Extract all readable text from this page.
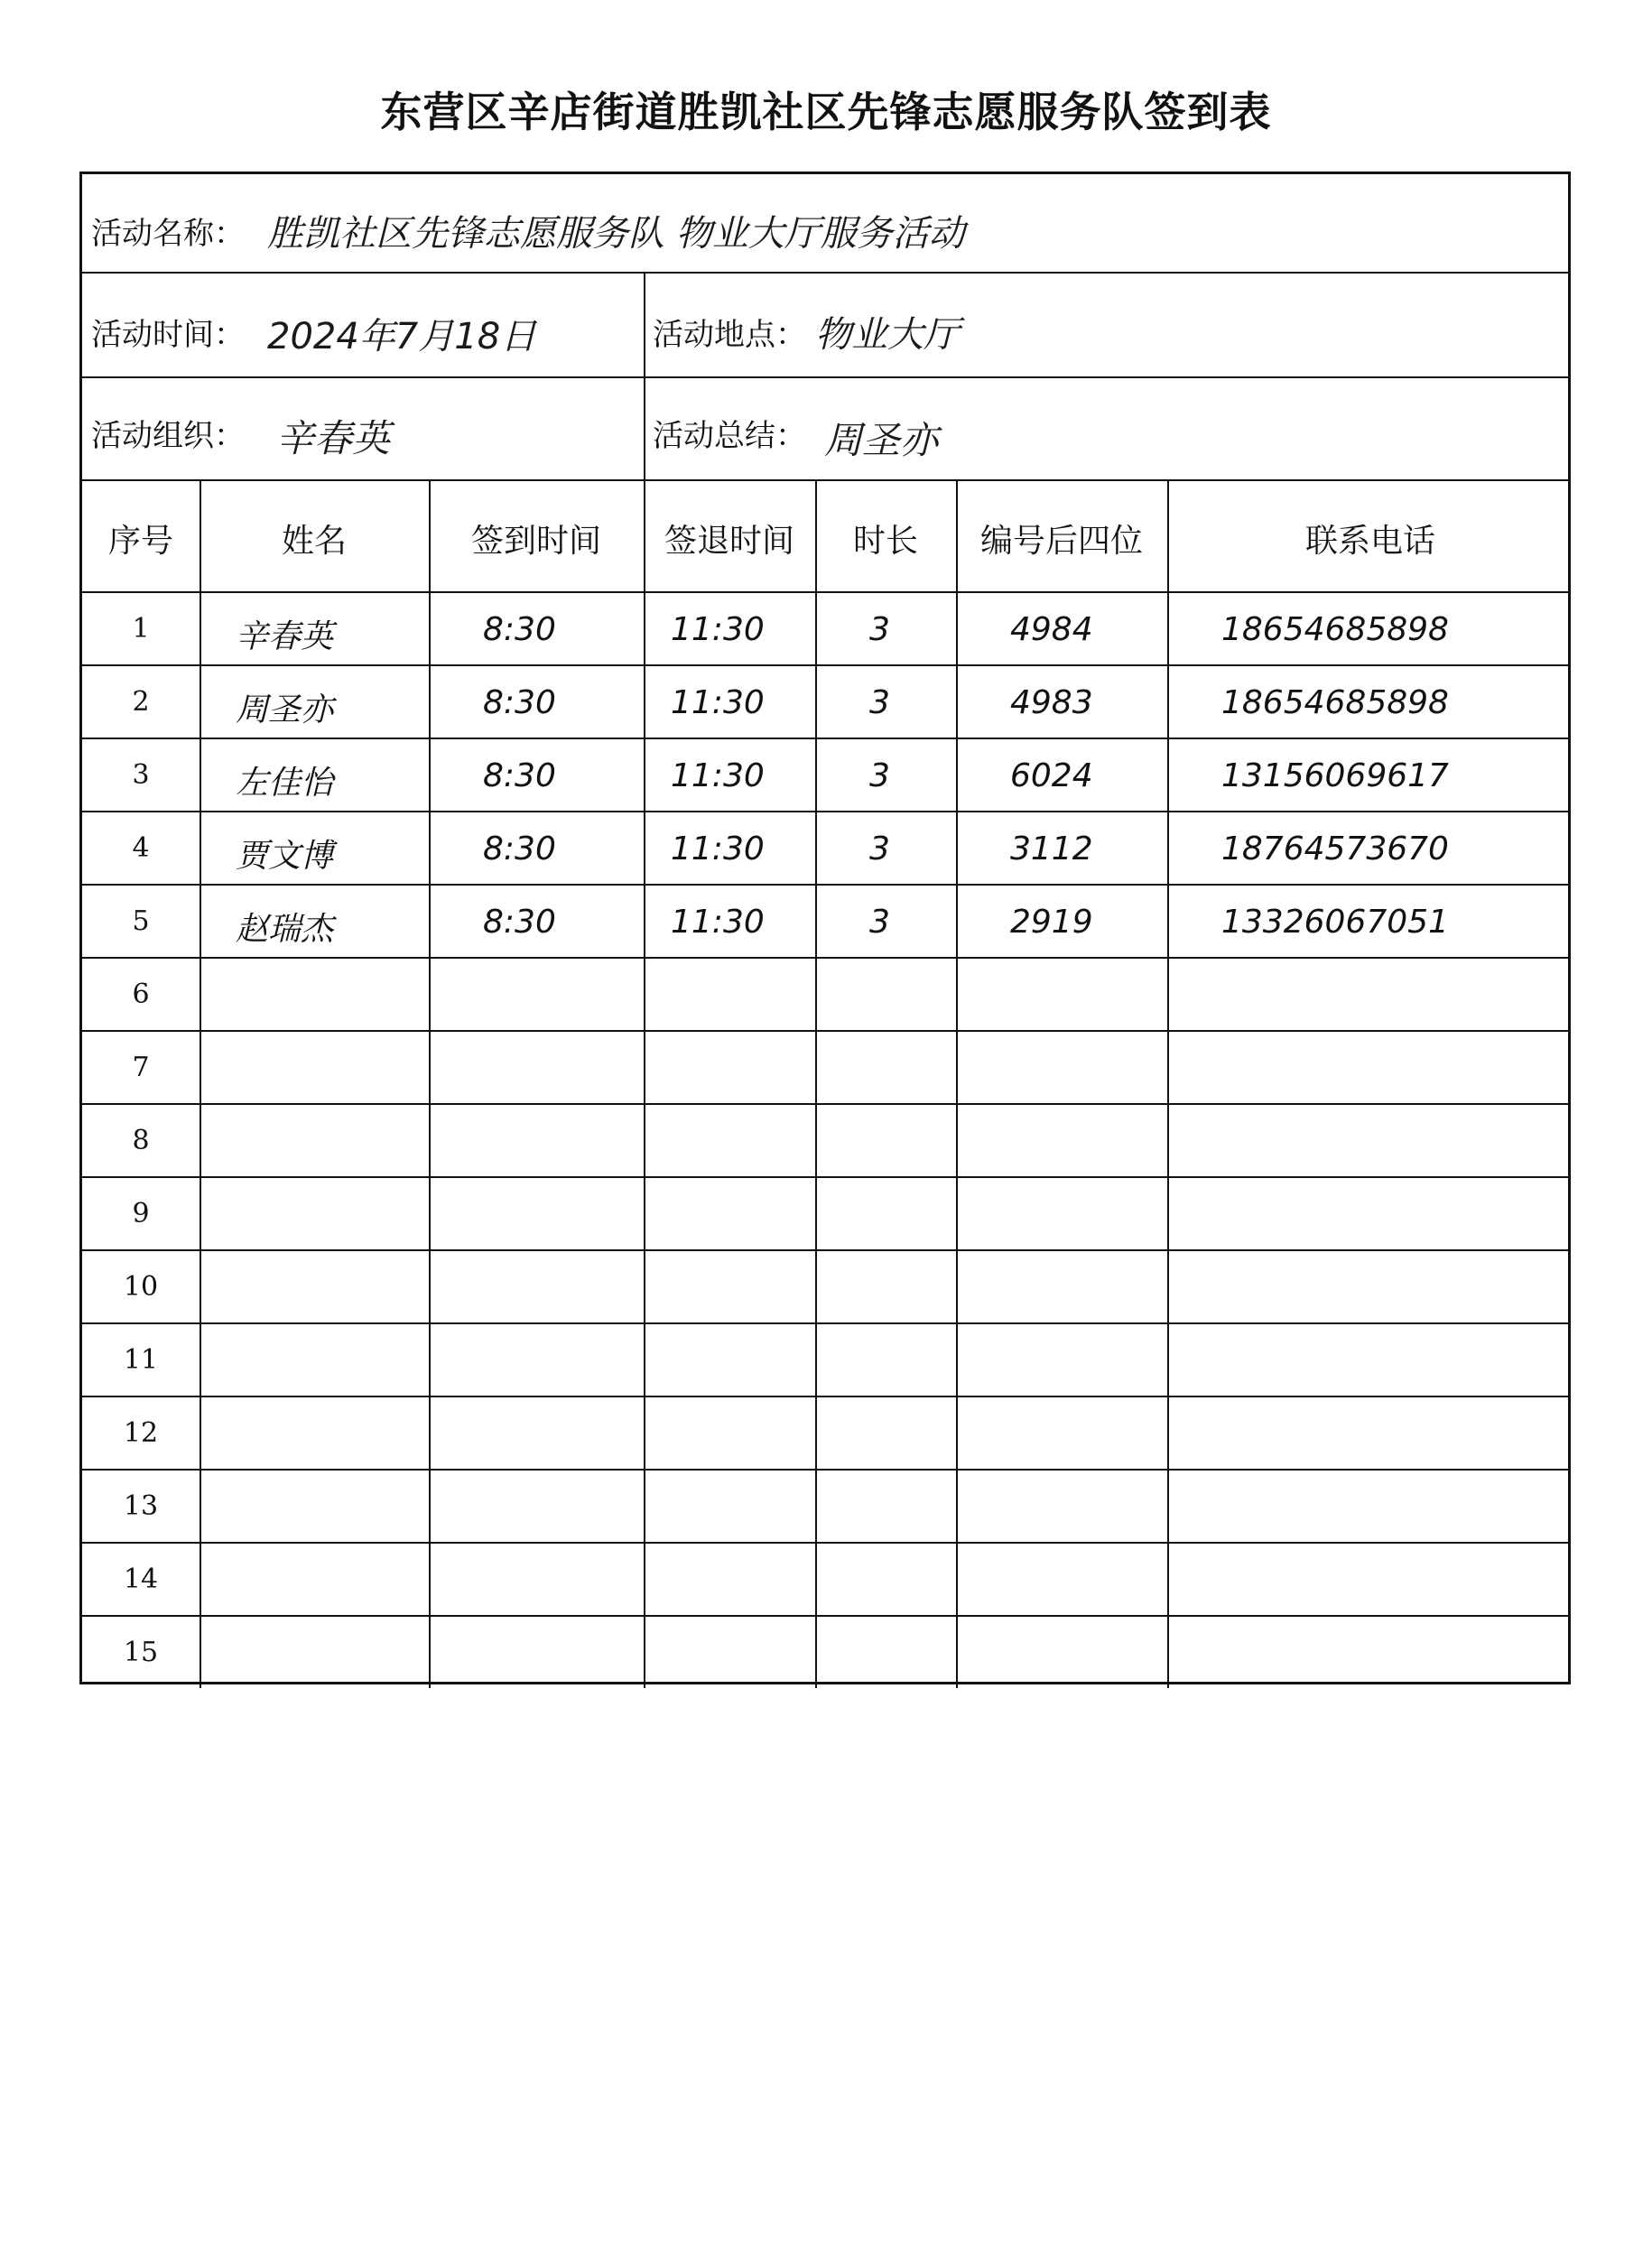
东营区辛店街道胜凯社区先锋志愿服务队签到表
活动名称： 胜凯社区先锋志愿服务队 物业大厅服务活动
活动时间： 2024年7月18日	活动地点： 物业大厅
活动组织： 辛春英	活动总结： 周圣亦
序号	姓名	签到时间	签退时间	时长	编号后四位	联系电话
1	辛春英	8:30	11:30	3	4984	18654685898
2	周圣亦	8:30	11:30	3	4983	18654685898
3	左佳怡	8:30	11:30	3	6024	13156069617
4	贾文博	8:30	11:30	3	3112	18764573670
5	赵瑞杰	8:30	11:30	3	2919	13326067051
6
7
8
9
10
11
12
13
14
15
